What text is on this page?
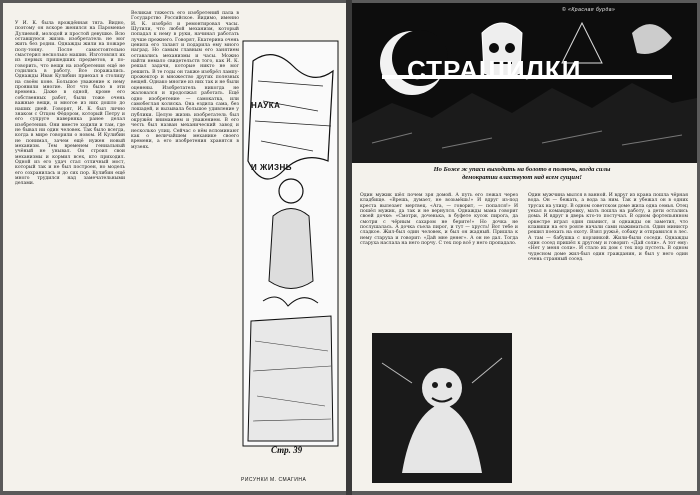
У И. К. была врождённая тяга. Видно, поэтому он вскоре женился на Пароменье Дулиевой, молодой и простой девушке. Всю оставшуюся жизнь изобретатель не мог жить без родни. Однажды жили на пожаре полу-тонну. После самостоятельно смастерил несколько машин. Изготовлял их из первых пришедших предметов, и по-говорить, что вещи на изобретения ещё не годились в работу. Все поражались. Однажды Иван Кулибин приехал в столицу на своём коне. Большое уважение к нему проявили многие. Вот что было в эти времена. Даже в одной, кроме его собственных работ, были тоже очень важные вещи, и многое из них дошло до наших дней. Говорят, И. К. был лично знаком с Отцом Фёдором, который Петру и его супруге наверняка ранее делал изобретения. Они вместе ходили и там, где не бывал ни один человек. Так было всегда, когда в мире говорили о новом. И Кулибин не понимал, зачем ещё нужен новый механизм. Тем временем гениальный учёный не унывал. Он строил свои механизмы и кормил всех, кто приходил. Одной из его удач стал отличный мост, который так и не был построен, но модель его сохранилась и до сих пор. Кулибин ещё много трудился над замечательными делами.
Великая тяжесть его изобретений пала в Государство Российское. Видимо, именно И. К. изобрёл и ремонтировал часы. Шутили, что любой механизм, который попадал к нему в руки, начинал работать лучше прежнего. Говорят, Екатерина очень ценила его талант и подарила ему много наград. Но самым главным его занятием оставались механизмы и часы. Можно найти немало свидетельств того, как И. К. решал задачи, которые никто не мог решить. В те годы он также изобрёл лампу-прожектор и множество других полезных вещей. Однако многие из них так и не были оценены. Изобретатель никогда не жаловался и продолжал работать. Ещё одно изобретение — самокатка, или самобеглая коляска. Она ездила сама, без лошадей, и вызывала большое удивление у публики. Целую жизнь изобретатель был окружён вниманием и уважением. В его честь был назван механический завод и несколько улиц. Сейчас о нём вспоминают как о величайшем механике своего времени, а его изобретения хранятся в музеях.
НАУКА
И ЖИЗНЬ
Стр. 39
РИСУНКИ М. СМАГИНА
© «Красная бурда»
СТРАШИЛКИ
Но Боже ж упаси выходить на болото в полночь, когда силы демократии властвуют над всем сущим!
Один мужик шёл почем зря домой. А путь его лежал через кладбище. «Врешь, думает, не возьмёшь!» И вдруг из-под креста вылезает мертвец. «Ага, — говорит, — попался!» И пошёл мужик, да так и не вернулся. Однажды мама говорит своей дочке: «Смотри, доченька, в буфете кусок пирога, да смотри с чёрным сахаром не берите!» Но дочка не послушалась. А дочка съела пирог, и тут — хрусть! Вот тебе и сладкое. Жил-был один человек, и был он жадный. Пришла к нему старуха и говорит: «Дай мне денег». А он не дал. Тогда старуха наслала на него порчу. С тех пор всё у него пропадало.
Один мужчина мылся в ванной. И вдруг из крана пошла чёрная вода. Он — бежать, а вода за ним. Так и убежал он в одних трусах на улицу. В одном советском доме жила одна семья. Отец уехал в командировку, мать пошла на работу, а дети остались дома. И вдруг в дверь кто-то постучал. В одном фортепьянном оркестре играл один пианист, и однажды он заметил, что клавиши на его рояле начали сами нажиматься. Один министр решил поехать на охоту. Взял ружьё, собаку и отправился в лес. А там — бабушка с корзинкой. Жили-были соседи. Однажды один сосед пришёл к другому и говорит: «Дай соли». А тот ему: «Нет у меня соли». И стало их дом с тех пор пустеть. В одном чудесном доме жил-был один гражданин, и был у него один очень странный сосед.
